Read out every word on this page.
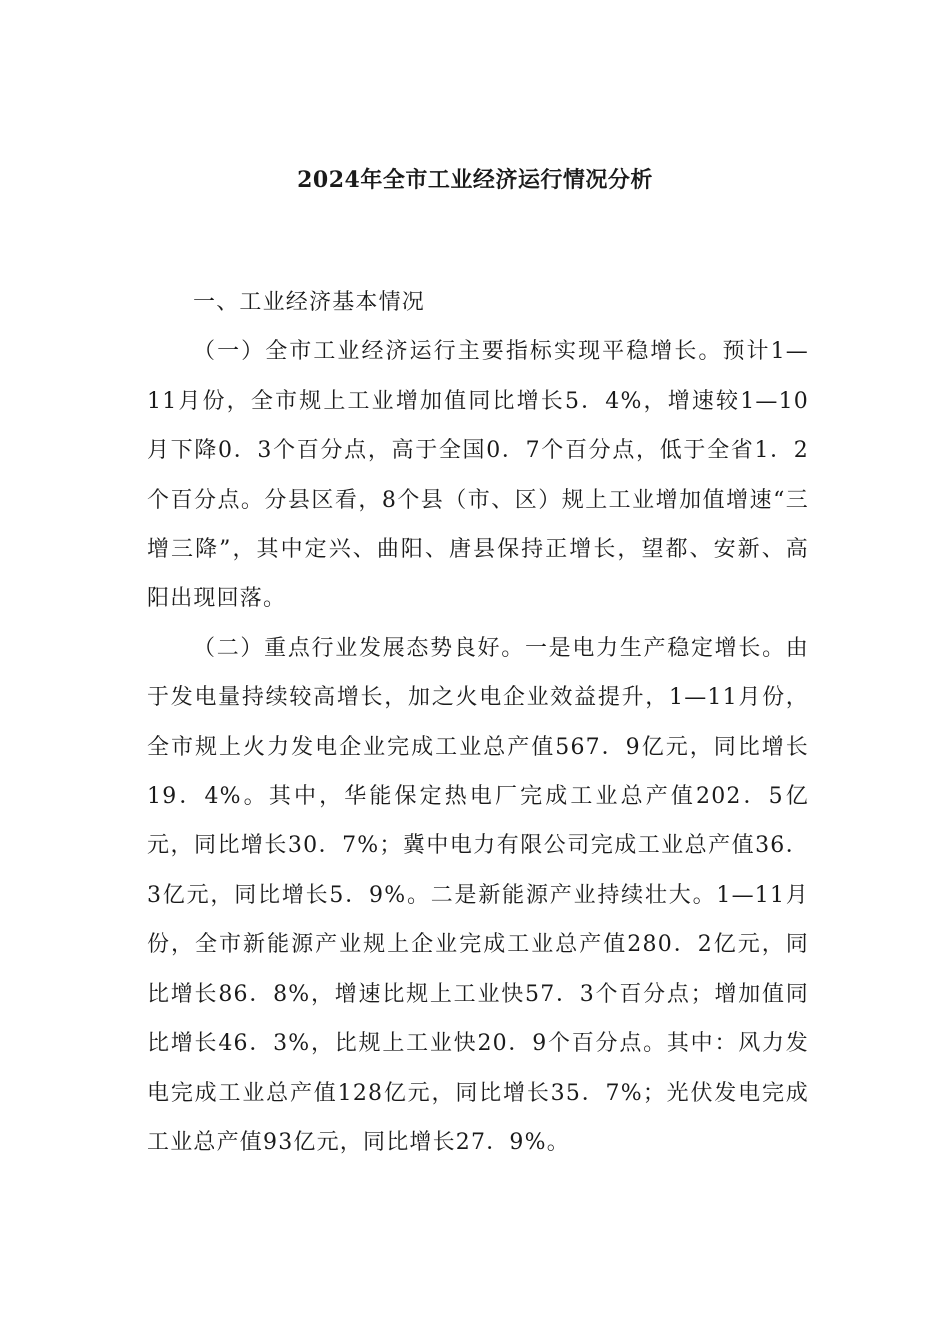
2024年全市工业经济运行情况分析

一、工业经济基本情况

（一）全市工业经济运行主要指标实现平稳增长。预计1—11月份，全市规上工业增加值同比增长5．4%，增速较1—10月下降0．3个百分点，高于全国0．7个百分点，低于全省1．2个百分点。分县区看，8个县（市、区）规上工业增加值增速“三增三降”，其中定兴、曲阳、唐县保持正增长，望都、安新、高阳出现回落。

（二）重点行业发展态势良好。一是电力生产稳定增长。由于发电量持续较高增长，加之火电企业效益提升，1—11月份，全市规上火力发电企业完成工业总产值567．9亿元，同比增长19．4%。其中，华能保定热电厂完成工业总产值202．5亿元，同比增长30．7%；冀中电力有限公司完成工业总产值36．3亿元，同比增长5．9%。二是新能源产业持续壮大。1—11月份，全市新能源产业规上企业完成工业总产值280．2亿元，同比增长86．8%，增速比规上工业快57．3个百分点；增加值同比增长46．3%，比规上工业快20．9个百分点。其中：风力发电完成工业总产值128亿元，同比增长35．7%；光伏发电完成工业总产值93亿元，同比增长27．9%。
